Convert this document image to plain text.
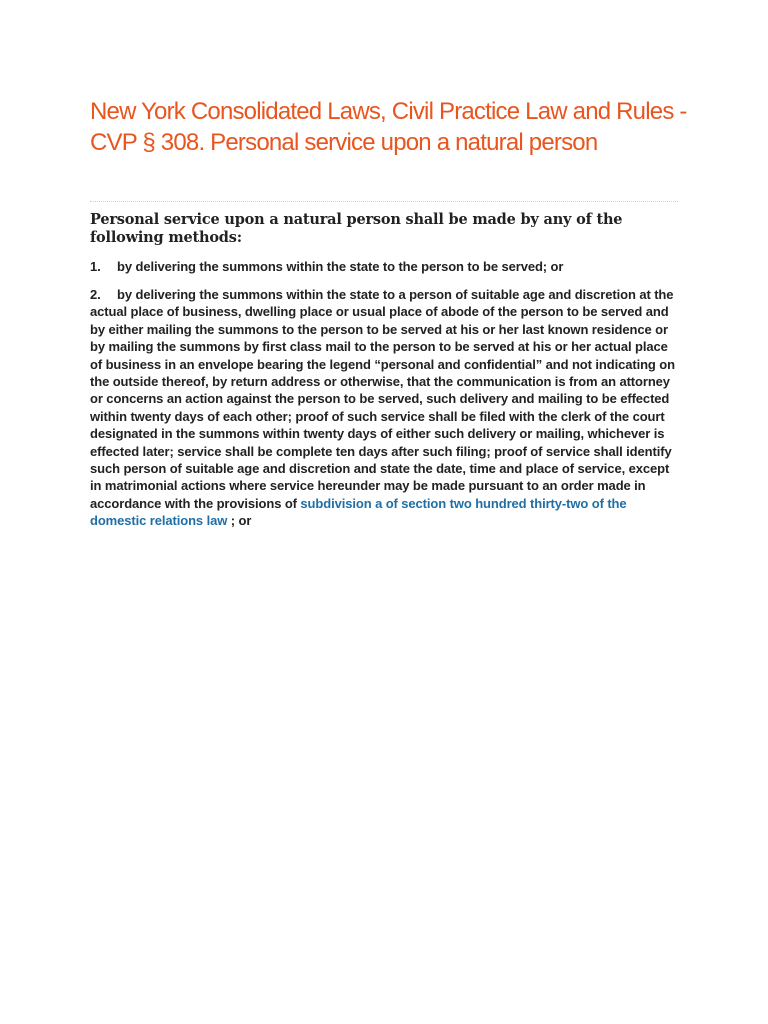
New York Consolidated Laws, Civil Practice Law and Rules - CVP § 308. Personal service upon a natural person

Personal service upon a natural person shall be made by any of the following methods:

1. by delivering the summons within the state to the person to be served; or

2. by delivering the summons within the state to a person of suitable age and discretion at the actual place of business, dwelling place or usual place of abode of the person to be served and by either mailing the summons to the person to be served at his or her last known residence or by mailing the summons by first class mail to the person to be served at his or her actual place of business in an envelope bearing the legend “personal and confidential” and not indicating on the outside thereof, by return address or otherwise, that the communication is from an attorney or concerns an action against the person to be served, such delivery and mailing to be effected within twenty days of each other; proof of such service shall be filed with the clerk of the court designated in the summons within twenty days of either such delivery or mailing, whichever is effected later; service shall be complete ten days after such filing; proof of service shall identify such person of suitable age and discretion and state the date, time and place of service, except in matrimonial actions where service hereunder may be made pursuant to an order made in accordance with the provisions of subdivision a of section two hundred thirty-two of the domestic relations law ; or
